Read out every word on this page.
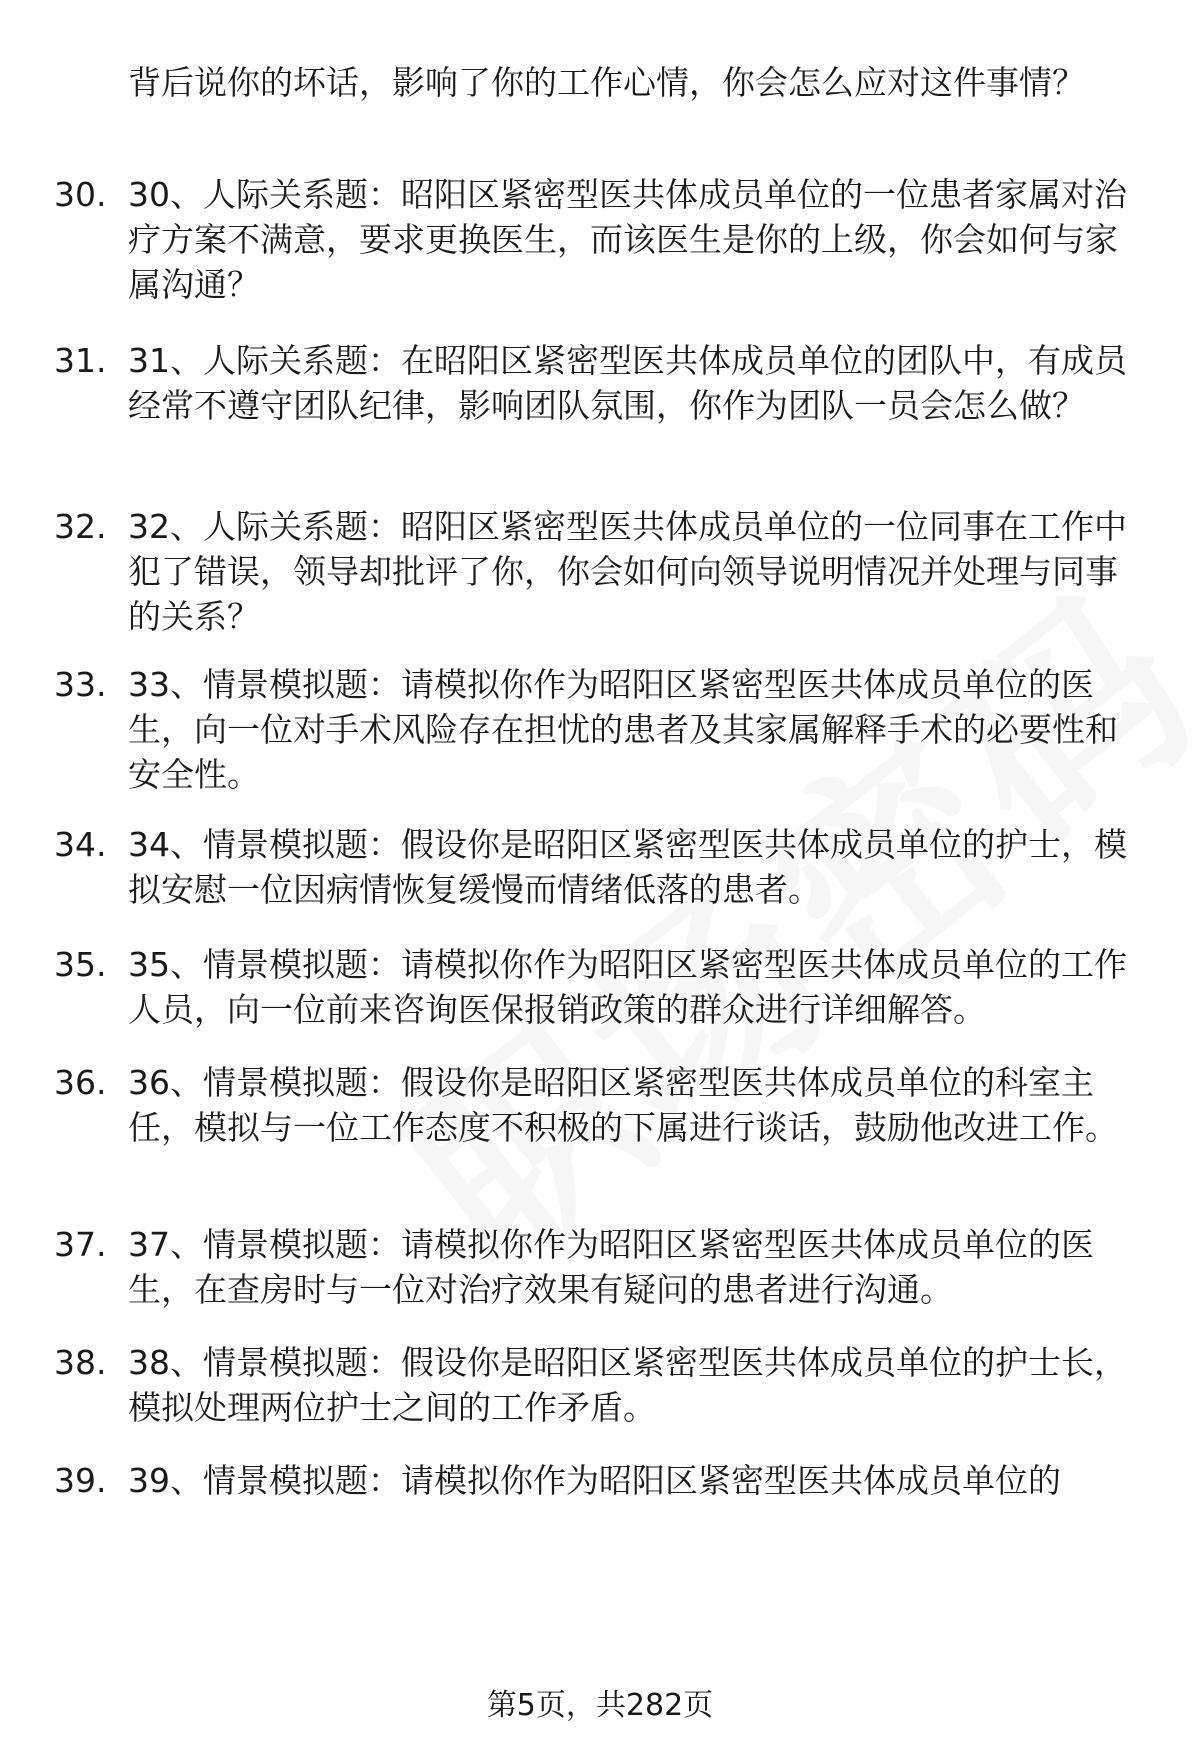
背后说你的坏话，影响了你的工作心情，你会怎么应对这件事情？

30. 30、人际关系题：昭阳区紧密型医共体成员单位的一位患者家属对治疗方案不满意，要求更换医生，而该医生是你的上级，你会如何与家属沟通？

31. 31、人际关系题：在昭阳区紧密型医共体成员单位的团队中，有成员经常不遵守团队纪律，影响团队氛围，你作为团队一员会怎么做？

32. 32、人际关系题：昭阳区紧密型医共体成员单位的一位同事在工作中犯了错误，领导却批评了你，你会如何向领导说明情况并处理与同事的关系？

33. 33、情景模拟题：请模拟你作为昭阳区紧密型医共体成员单位的医生，向一位对手术风险存在担忧的患者及其家属解释手术的必要性和安全性。

34. 34、情景模拟题：假设你是昭阳区紧密型医共体成员单位的护士，模拟安慰一位因病情恢复缓慢而情绪低落的患者。

35. 35、情景模拟题：请模拟你作为昭阳区紧密型医共体成员单位的工作人员，向一位前来咨询医保报销政策的群众进行详细解答。

36. 36、情景模拟题：假设你是昭阳区紧密型医共体成员单位的科室主任，模拟与一位工作态度不积极的下属进行谈话，鼓励他改进工作。

37. 37、情景模拟题：请模拟你作为昭阳区紧密型医共体成员单位的医生，在查房时与一位对治疗效果有疑问的患者进行沟通。

38. 38、情景模拟题：假设你是昭阳区紧密型医共体成员单位的护士长，模拟处理两位护士之间的工作矛盾。

39. 39、情景模拟题：请模拟你作为昭阳区紧密型医共体成员单位的

第5页，共282页
